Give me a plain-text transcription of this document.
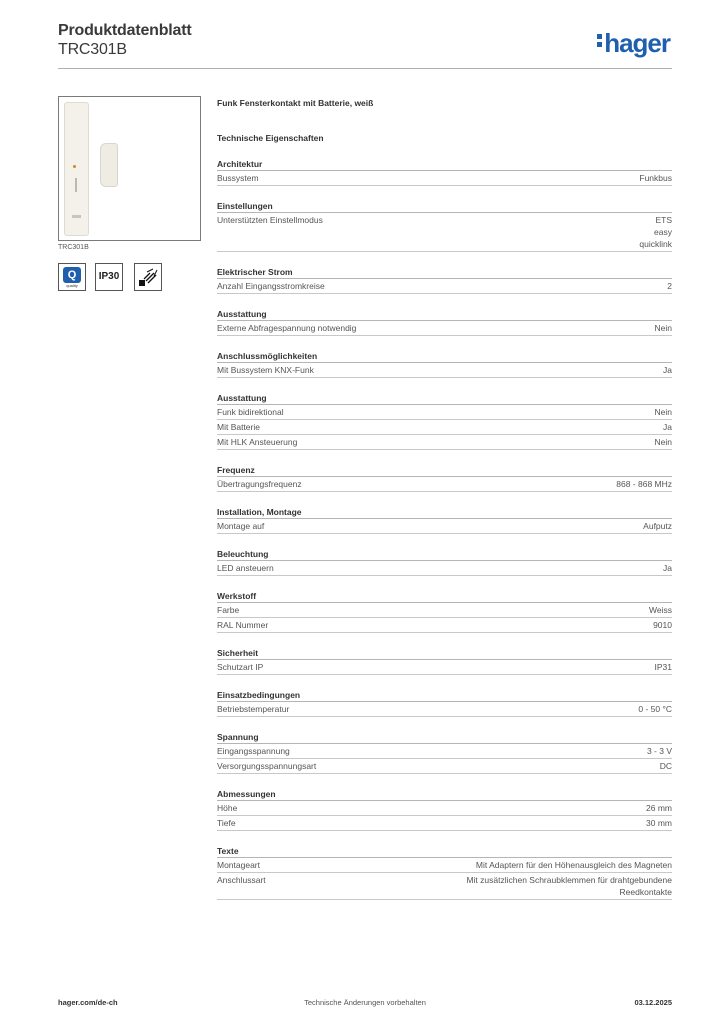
Produktdatenblatt
TRC301B	hager
TRC301B
Q
quality
IP30
Funk Fensterkontakt mit Batterie, weiß
Technische Eigenschaften
Architektur
Bussystem	Funkbus
Einstellungen
Unterstützten Einstellmodus	ETS
easy
quicklink
Elektrischer Strom
Anzahl Eingangsstromkreise	2
Ausstattung
Externe Abfragespannung notwendig	Nein
Anschlussmöglichkeiten
Mit Bussystem KNX-Funk	Ja
Ausstattung
Funk bidirektional	Nein
Mit Batterie	Ja
Mit HLK Ansteuerung	Nein
Frequenz
Übertragungsfrequenz	868 - 868 MHz
Installation, Montage
Montage auf	Aufputz
Beleuchtung
LED ansteuern	Ja
Werkstoff
Farbe	Weiss
RAL Nummer	9010
Sicherheit
Schutzart IP	IP31
Einsatzbedingungen
Betriebstemperatur	0 - 50 °C
Spannung
Eingangsspannung	3 - 3 V
Versorgungsspannungsart	DC
Abmessungen
Höhe	26 mm
Tiefe	30 mm
Texte
Montageart	Mit Adaptern für den Höhenausgleich des Magneten
Anschlussart	Mit zusätzlichen Schraubklemmen für drahtgebundene
Reedkontakte
hager.com/de-ch	Technische Änderungen vorbehalten	03.12.2025
